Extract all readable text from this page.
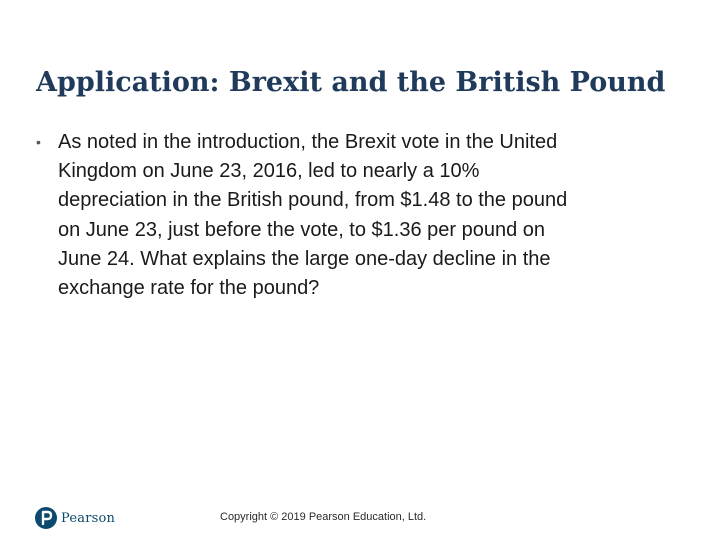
Application: Brexit and the British Pound
• As noted in the introduction, the Brexit vote in the United
Kingdom on June 23, 2016, led to nearly a 10%
depreciation in the British pound, from $1.48 to the pound
on June 23, just before the vote, to $1.36 per pound on
June 24. What explains the large one-day decline in the
exchange rate for the pound?
Pearson	Copyright © 2019 Pearson Education, Ltd.
